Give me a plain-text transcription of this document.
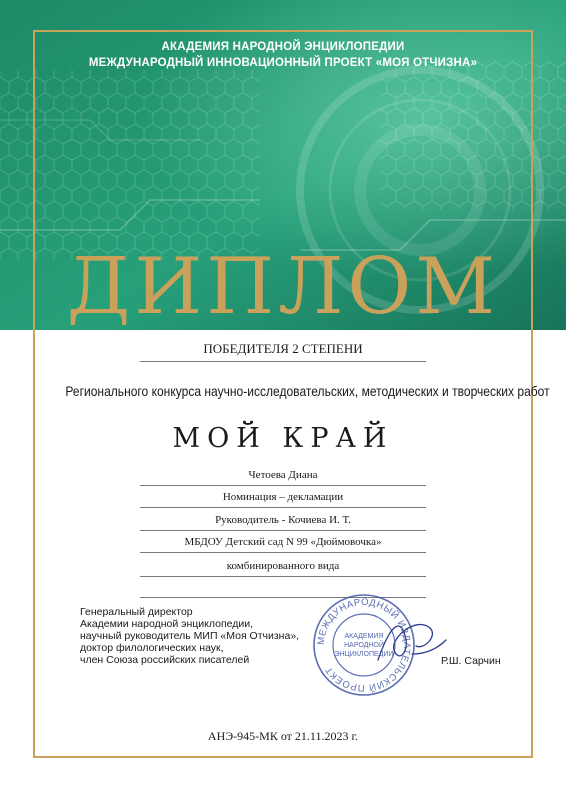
АКАДЕМИЯ НАРОДНОЙ ЭНЦИКЛОПЕДИИ
МЕЖДУНАРОДНЫЙ ИННОВАЦИОННЫЙ ПРОЕКТ «МОЯ ОТЧИЗНА»
ДИПЛОМ
ПОБЕДИТЕЛЯ 2 СТЕПЕНИ
Регионального конкурса научно-исследовательских, методических и творческих работ
МОЙ КРАЙ
Четоева Диана
Номинация – декламации
Руководитель - Кочиева И. Т.
МБДОУ Детский сад N 99 «Дюймовочка»
комбинированного вида
Генеральный директор
Академии народной энциклопедии,
научный руководитель МИП «Моя Отчизна»,
доктор филологических наук,
член Союза российских писателей
МЕЖДУНАРОДНЫЙ ИЗДАТЕЛЬСКИЙ ПРОЕКТ
АКАДЕМИЯ
НАРОДНОЙ
ЭНЦИКЛОПЕДИИ
Р.Ш. Сарчин
АНЭ-945-МК от 21.11.2023 г.
